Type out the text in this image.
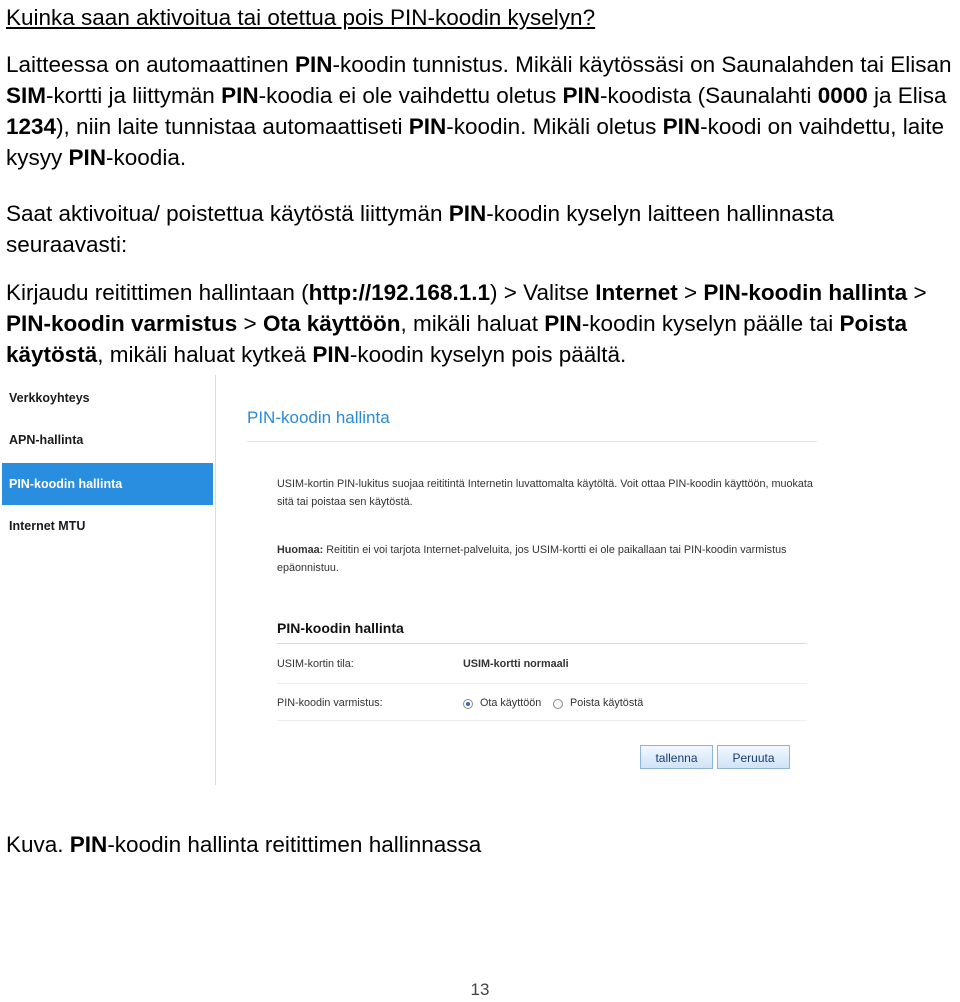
Kuinka saan aktivoitua tai otettua pois PIN-koodin kyselyn?
Laitteessa on automaattinen PIN-koodin tunnistus. Mikäli käytössäsi on Saunalahden tai Elisan SIM-kortti ja liittymän PIN-koodia ei ole vaihdettu oletus PIN-koodista (Saunalahti 0000 ja Elisa 1234), niin laite tunnistaa automaattiseti PIN-koodin. Mikäli oletus PIN-koodi on vaihdettu, laite kysyy PIN-koodia.
Saat aktivoitua/ poistettua käytöstä liittymän PIN-koodin kyselyn laitteen hallinnasta seuraavasti:
Kirjaudu reitittimen hallintaan (http://192.168.1.1) > Valitse Internet > PIN-koodin hallinta > PIN-koodin varmistus > Ota käyttöön, mikäli haluat PIN-koodin kyselyn päälle tai Poista käytöstä, mikäli haluat kytkeä PIN-koodin kyselyn pois päältä.
Verkkoyhteys
APN-hallinta
PIN-koodin hallinta
Internet MTU
PIN-koodin hallinta
USIM-kortin PIN-lukitus suojaa reititintä Internetin luvattomalta käytöltä. Voit ottaa PIN-koodin käyttöön, muokata sitä tai poistaa sen käytöstä.
Huomaa: Reititin ei voi tarjota Internet-palveluita, jos USIM-kortti ei ole paikallaan tai PIN-koodin varmistus epäonnistuu.
PIN-koodin hallinta
USIM-kortin tila:	USIM-kortti normaali
PIN-koodin varmistus:	Ota käyttöön	Poista käytöstä
tallenna	Peruuta
Kuva. PIN-koodin hallinta reitittimen hallinnassa
13
